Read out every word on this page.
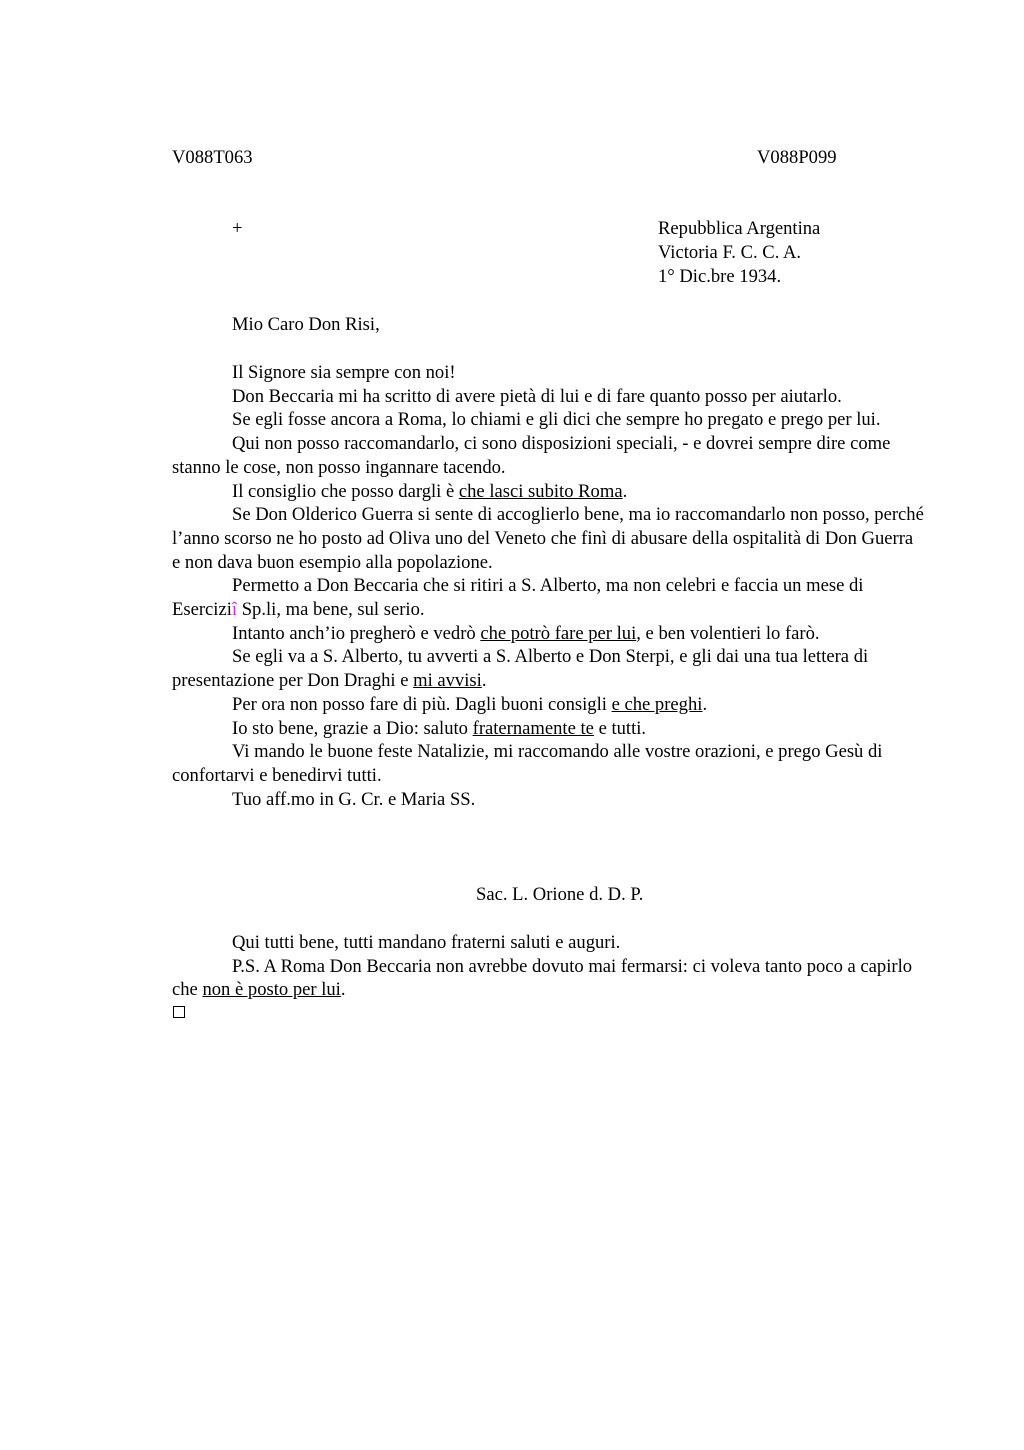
V088T063	V088P099
+	Repubblica Argentina
Victoria F. C. C. A.
1° Dic.bre 1934.
Mio Caro Don Risi,

Il Signore sia sempre con noi!

Don Beccaria mi ha scritto di avere pietà di lui e di fare quanto posso per aiutarlo.

Se egli fosse ancora a Roma, lo chiami e gli dici che sempre ho pregato e prego per lui.

Qui non posso raccomandarlo, ci sono disposizioni speciali, - e dovrei sempre dire come stanno le cose, non posso ingannare tacendo.

Il consiglio che posso dargli è che lasci subito Roma.

Se Don Olderico Guerra si sente di accoglierlo bene, ma io raccomandarlo non posso, perché l’anno scorso ne ho posto ad Oliva uno del Veneto che finì di abusare della ospitalità di Don Guerra e non dava buon esempio alla popolazione.

Permetto a Don Beccaria che si ritiri a S. Alberto, ma non celebri e faccia un mese di Eserciziî Sp.li, ma bene, sul serio.

Intanto anch’io pregherò e vedrò che potrò fare per lui, e ben volentieri lo farò.

Se egli va a S. Alberto, tu avverti a S. Alberto e Don Sterpi, e gli dai una tua lettera di presentazione per Don Draghi e mi avvisi.

Per ora non posso fare di più. Dagli buoni consigli e che preghi.

Io sto bene, grazie a Dio: saluto fraternamente te e tutti.

Vi mando le buone feste Natalizie, mi raccomando alle vostre orazioni, e prego Gesù di confortarvi e benedirvi tutti.

Tuo aff.mo in G. Cr. e Maria SS.

Sac. L. Orione d. D. P.

Qui tutti bene, tutti mandano fraterni saluti e auguri.

P.S. A Roma Don Beccaria non avrebbe dovuto mai fermarsi: ci voleva tanto poco a capirlo che non è posto per lui.
